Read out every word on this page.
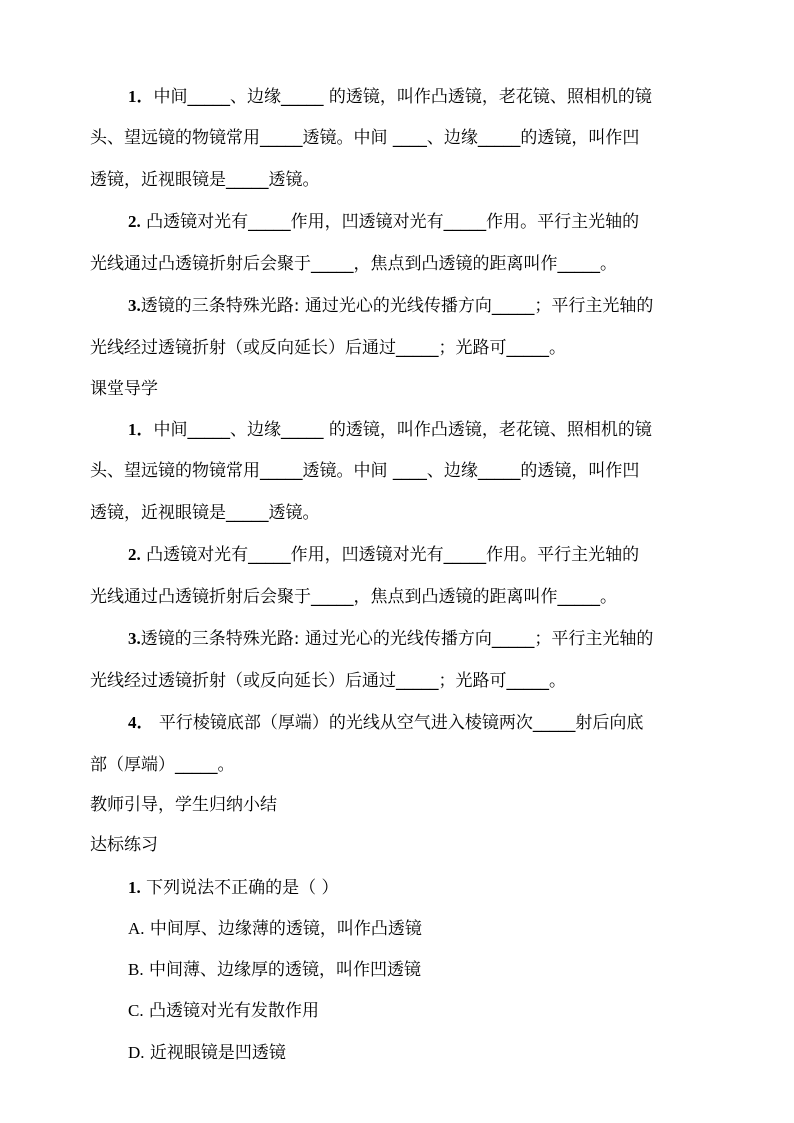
1．中间_____、边缘_____ 的透镜，叫作凸透镜，老花镜、照相机的镜
头、望远镜的物镜常用_____透镜。中间 ____、边缘_____的透镜，叫作凹
透镜，近视眼镜是_____透镜。
2. 凸透镜对光有_____作用，凹透镜对光有_____作用。平行主光轴的
光线通过凸透镜折射后会聚于_____，焦点到凸透镜的距离叫作_____。
3.透镜的三条特殊光路: 通过光心的光线传播方向_____；平行主光轴的
光线经过透镜折射（或反向延长）后通过_____；光路可_____。
课堂导学
1．中间_____、边缘_____ 的透镜，叫作凸透镜，老花镜、照相机的镜
头、望远镜的物镜常用_____透镜。中间 ____、边缘_____的透镜，叫作凹
透镜，近视眼镜是_____透镜。
2. 凸透镜对光有_____作用，凹透镜对光有_____作用。平行主光轴的
光线通过凸透镜折射后会聚于_____，焦点到凸透镜的距离叫作_____。
3.透镜的三条特殊光路: 通过光心的光线传播方向_____；平行主光轴的
光线经过透镜折射（或反向延长）后通过_____；光路可_____。
4． 平行棱镜底部（厚端）的光线从空气进入棱镜两次_____射后向底
部（厚端）_____。
教师引导，学生归纳小结
达标练习
1. 下列说法不正确的是（ ）
A. 中间厚、边缘薄的透镜，叫作凸透镜
B. 中间薄、边缘厚的透镜，叫作凹透镜
C. 凸透镜对光有发散作用
D. 近视眼镜是凹透镜
